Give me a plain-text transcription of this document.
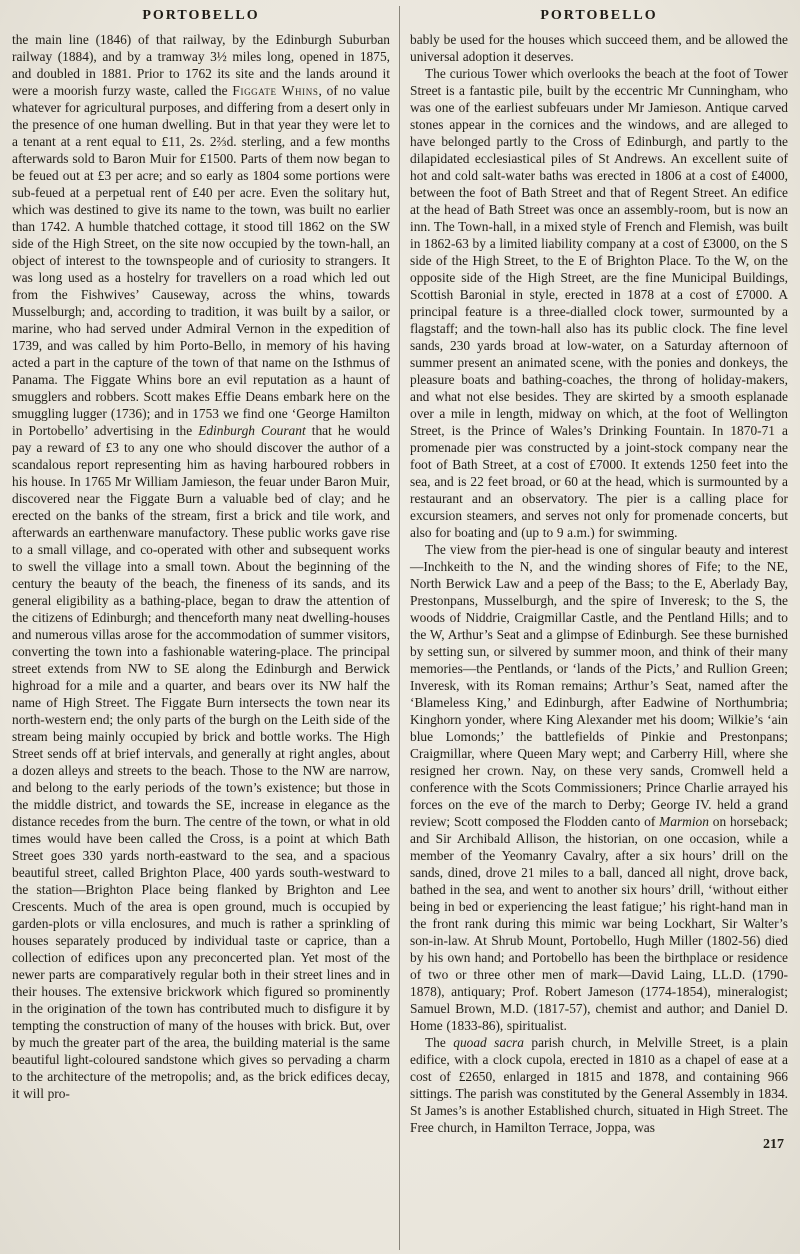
PORTOBELLO

the main line (1846) of that railway, by the Edinburgh Suburban railway (1884), and by a tramway 3½ miles long, opened in 1875, and doubled in 1881. Prior to 1762 its site and the lands around it were a moorish furzy waste, called the Figgate Whins, of no value whatever for agricultural purposes, and differing from a desert only in the presence of one human dwelling. But in that year they were let to a tenant at a rent equal to £11, 2s. 2⅔d. sterling, and a few months afterwards sold to Baron Muir for £1500. Parts of them now began to be feued out at £3 per acre; and so early as 1804 some portions were sub-feued at a perpetual rent of £40 per acre. Even the solitary hut, which was destined to give its name to the town, was built no earlier than 1742. A humble thatched cottage, it stood till 1862 on the SW side of the High Street, on the site now occupied by the town-hall, an object of interest to the townspeople and of curiosity to strangers. It was long used as a hostelry for travellers on a road which led out from the Fishwives’ Causeway, across the whins, towards Musselburgh; and, according to tradition, it was built by a sailor, or marine, who had served under Admiral Vernon in the expedition of 1739, and was called by him Porto-Bello, in memory of his having acted a part in the capture of the town of that name on the Isthmus of Panama. The Figgate Whins bore an evil reputation as a haunt of smugglers and robbers. Scott makes Effie Deans embark here on the smuggling lugger (1736); and in 1753 we find one ‘George Hamilton in Portobello’ advertising in the Edinburgh Courant that he would pay a reward of £3 to any one who should discover the author of a scandalous report representing him as having harboured robbers in his house. In 1765 Mr William Jamieson, the feuar under Baron Muir, discovered near the Figgate Burn a valuable bed of clay; and he erected on the banks of the stream, first a brick and tile work, and afterwards an earthenware manufactory. These public works gave rise to a small village, and co-operated with other and subsequent works to swell the village into a small town. About the beginning of the century the beauty of the beach, the fineness of its sands, and its general eligibility as a bathing-place, began to draw the attention of the citizens of Edinburgh; and thenceforth many neat dwelling-houses and numerous villas arose for the accommodation of summer visitors, converting the town into a fashionable watering-place. The principal street extends from NW to SE along the Edinburgh and Berwick highroad for a mile and a quarter, and bears over its NW half the name of High Street. The Figgate Burn intersects the town near its north-western end; the only parts of the burgh on the Leith side of the stream being mainly occupied by brick and bottle works. The High Street sends off at brief intervals, and generally at right angles, about a dozen alleys and streets to the beach. Those to the NW are narrow, and belong to the early periods of the town’s existence; but those in the middle district, and towards the SE, increase in elegance as the distance recedes from the burn. The centre of the town, or what in old times would have been called the Cross, is a point at which Bath Street goes 330 yards north-eastward to the sea, and a spacious beautiful street, called Brighton Place, 400 yards south-westward to the station—Brighton Place being flanked by Brighton and Lee Crescents. Much of the area is open ground, much is occupied by garden-plots or villa enclosures, and much is rather a sprinkling of houses separately produced by individual taste or caprice, than a collection of edifices upon any preconcerted plan. Yet most of the newer parts are comparatively regular both in their street lines and in their houses. The extensive brickwork which figured so prominently in the origination of the town has contributed much to disfigure it by tempting the construction of many of the houses with brick. But, over by much the greater part of the area, the building material is the same beautiful light-coloured sandstone which gives so pervading a charm to the architecture of the metropolis; and, as the brick edifices decay, it will pro-

PORTOBELLO

bably be used for the houses which succeed them, and be allowed the universal adoption it deserves.

The curious Tower which overlooks the beach at the foot of Tower Street is a fantastic pile, built by the eccentric Mr Cunningham, who was one of the earliest subfeuars under Mr Jamieson. Antique carved stones appear in the cornices and the windows, and are alleged to have belonged partly to the Cross of Edinburgh, and partly to the dilapidated ecclesiastical piles of St Andrews. An excellent suite of hot and cold salt-water baths was erected in 1806 at a cost of £4000, between the foot of Bath Street and that of Regent Street. An edifice at the head of Bath Street was once an assembly-room, but is now an inn. The Town-hall, in a mixed style of French and Flemish, was built in 1862-63 by a limited liability company at a cost of £3000, on the S side of the High Street, to the E of Brighton Place. To the W, on the opposite side of the High Street, are the fine Municipal Buildings, Scottish Baronial in style, erected in 1878 at a cost of £7000. A principal feature is a three-dialled clock tower, surmounted by a flagstaff; and the town-hall also has its public clock. The fine level sands, 230 yards broad at low-water, on a Saturday afternoon of summer present an animated scene, with the ponies and donkeys, the pleasure boats and bathing-coaches, the throng of holiday-makers, and what not else besides. They are skirted by a smooth esplanade over a mile in length, midway on which, at the foot of Wellington Street, is the Prince of Wales’s Drinking Fountain. In 1870-71 a promenade pier was constructed by a joint-stock company near the foot of Bath Street, at a cost of £7000. It extends 1250 feet into the sea, and is 22 feet broad, or 60 at the head, which is surmounted by a restaurant and an observatory. The pier is a calling place for excursion steamers, and serves not only for promenade concerts, but also for boating and (up to 9 a.m.) for swimming.

The view from the pier-head is one of singular beauty and interest—Inchkeith to the N, and the winding shores of Fife; to the NE, North Berwick Law and a peep of the Bass; to the E, Aberlady Bay, Prestonpans, Musselburgh, and the spire of Inveresk; to the S, the woods of Niddrie, Craigmillar Castle, and the Pentland Hills; and to the W, Arthur’s Seat and a glimpse of Edinburgh. See these burnished by setting sun, or silvered by summer moon, and think of their many memories—the Pentlands, or ‘lands of the Picts,’ and Rullion Green; Inveresk, with its Roman remains; Arthur’s Seat, named after the ‘Blameless King,’ and Edinburgh, after Eadwine of Northumbria; Kinghorn yonder, where King Alexander met his doom; Wilkie’s ‘ain blue Lomonds;’ the battlefields of Pinkie and Prestonpans; Craigmillar, where Queen Mary wept; and Carberry Hill, where she resigned her crown. Nay, on these very sands, Cromwell held a conference with the Scots Commissioners; Prince Charlie arrayed his forces on the eve of the march to Derby; George IV. held a grand review; Scott composed the Flodden canto of Marmion on horseback; and Sir Archibald Allison, the historian, on one occasion, while a member of the Yeomanry Cavalry, after a six hours’ drill on the sands, dined, drove 21 miles to a ball, danced all night, drove back, bathed in the sea, and went to another six hours’ drill, ‘without either being in bed or experiencing the least fatigue;’ his right-hand man in the front rank during this mimic war being Lockhart, Sir Walter’s son-in-law. At Shrub Mount, Portobello, Hugh Miller (1802-56) died by his own hand; and Portobello has been the birthplace or residence of two or three other men of mark—David Laing, LL.D. (1790-1878), antiquary; Prof. Robert Jameson (1774-1854), mineralogist; Samuel Brown, M.D. (1817-57), chemist and author; and Daniel D. Home (1833-86), spiritualist.

The quoad sacra parish church, in Melville Street, is a plain edifice, with a clock cupola, erected in 1810 as a chapel of ease at a cost of £2650, enlarged in 1815 and 1878, and containing 966 sittings. The parish was constituted by the General Assembly in 1834. St James’s is another Established church, situated in High Street. The Free church, in Hamilton Terrace, Joppa, was

217
